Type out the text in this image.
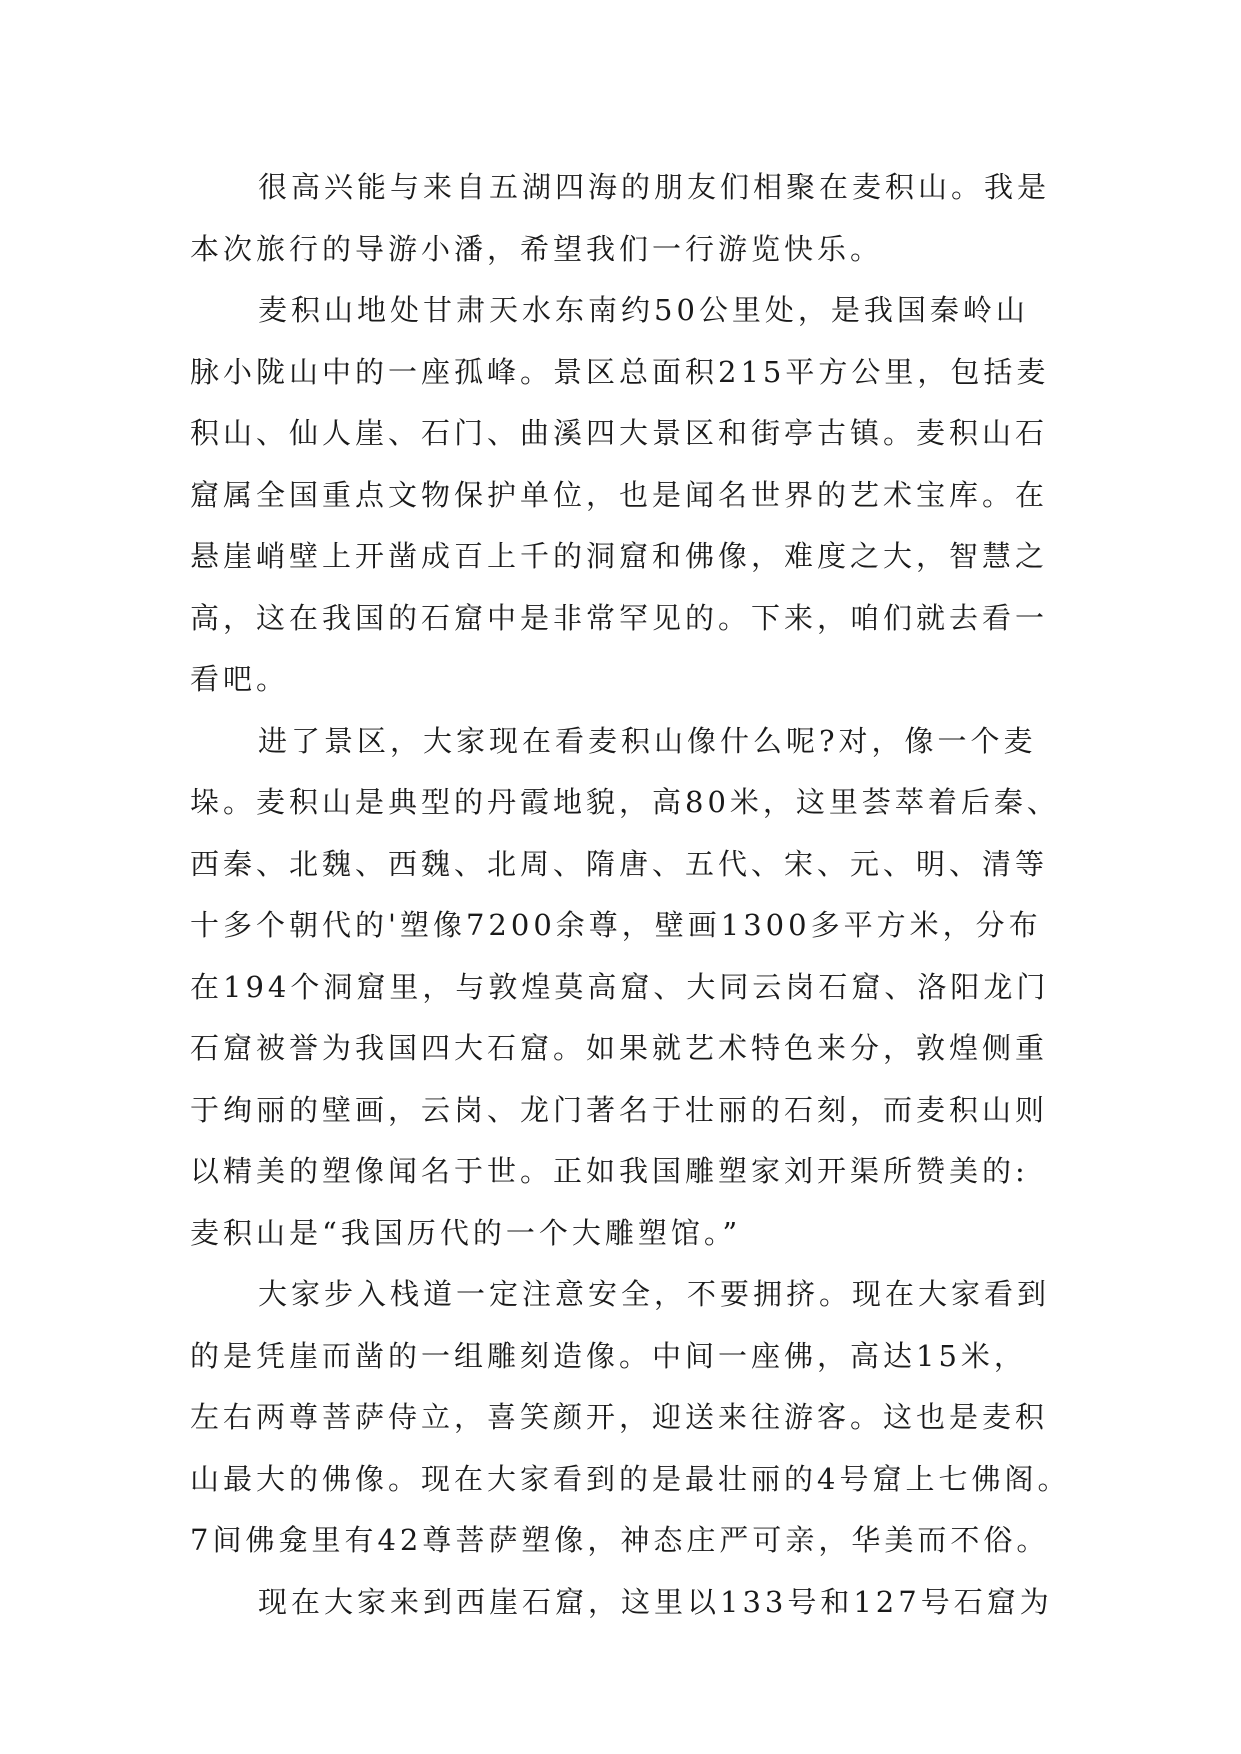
很高兴能与来自五湖四海的朋友们相聚在麦积山。我是
本次旅行的导游小潘，希望我们一行游览快乐。
麦积山地处甘肃天水东南约50公里处，是我国秦岭山
脉小陇山中的一座孤峰。景区总面积215平方公里，包括麦
积山、仙人崖、石门、曲溪四大景区和街亭古镇。麦积山石
窟属全国重点文物保护单位，也是闻名世界的艺术宝库。在
悬崖峭壁上开凿成百上千的洞窟和佛像，难度之大，智慧之
高，这在我国的石窟中是非常罕见的。下来，咱们就去看一
看吧。
进了景区，大家现在看麦积山像什么呢?对，像一个麦
垛。麦积山是典型的丹霞地貌，高80米，这里荟萃着后秦、
西秦、北魏、西魏、北周、隋唐、五代、宋、元、明、清等
十多个朝代的'塑像7200余尊，壁画1300多平方米，分布
在194个洞窟里，与敦煌莫高窟、大同云岗石窟、洛阳龙门
石窟被誉为我国四大石窟。如果就艺术特色来分，敦煌侧重
于绚丽的壁画，云岗、龙门著名于壮丽的石刻，而麦积山则
以精美的塑像闻名于世。正如我国雕塑家刘开渠所赞美的:
麦积山是“我国历代的一个大雕塑馆。”
大家步入栈道一定注意安全，不要拥挤。现在大家看到
的是凭崖而凿的一组雕刻造像。中间一座佛，高达15米，
左右两尊菩萨侍立，喜笑颜开，迎送来往游客。这也是麦积
山最大的佛像。现在大家看到的是最壮丽的4号窟上七佛阁。
7间佛龛里有42尊菩萨塑像，神态庄严可亲，华美而不俗。
现在大家来到西崖石窟，这里以133号和127号石窟为
